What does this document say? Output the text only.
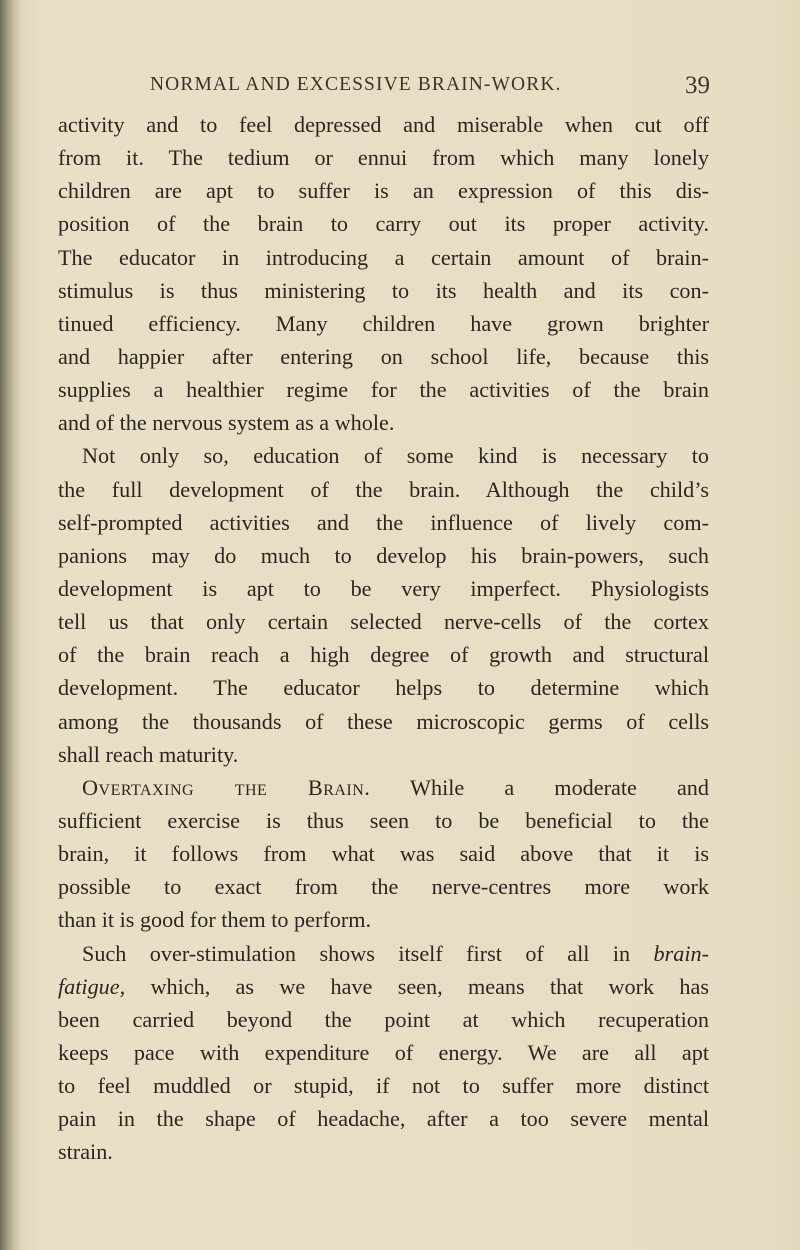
NORMAL AND EXCESSIVE BRAIN-WORK.	39
activity and to feel depressed and miserable when cut off
from it. The tedium or ennui from which many lonely
children are apt to suffer is an expression of this dis-
position of the brain to carry out its proper activity.
The educator in introducing a certain amount of brain-
stimulus is thus ministering to its health and its con-
tinued efficiency. Many children have grown brighter
and happier after entering on school life, because this
supplies a healthier regime for the activities of the brain
and of the nervous system as a whole.
Not only so, education of some kind is necessary to
the full development of the brain. Although the child’s
self-prompted activities and the influence of lively com-
panions may do much to develop his brain-powers, such
development is apt to be very imperfect. Physiologists
tell us that only certain selected nerve-cells of the cortex
of the brain reach a high degree of growth and structural
development. The educator helps to determine which
among the thousands of these microscopic germs of cells
shall reach maturity.
Overtaxing the Brain. While a moderate and
sufficient exercise is thus seen to be beneficial to the
brain, it follows from what was said above that it is
possible to exact from the nerve-centres more work
than it is good for them to perform.
Such over-stimulation shows itself first of all in brain-
fatigue, which, as we have seen, means that work has
been carried beyond the point at which recuperation
keeps pace with expenditure of energy. We are all apt
to feel muddled or stupid, if not to suffer more distinct
pain in the shape of headache, after a too severe mental
strain.
